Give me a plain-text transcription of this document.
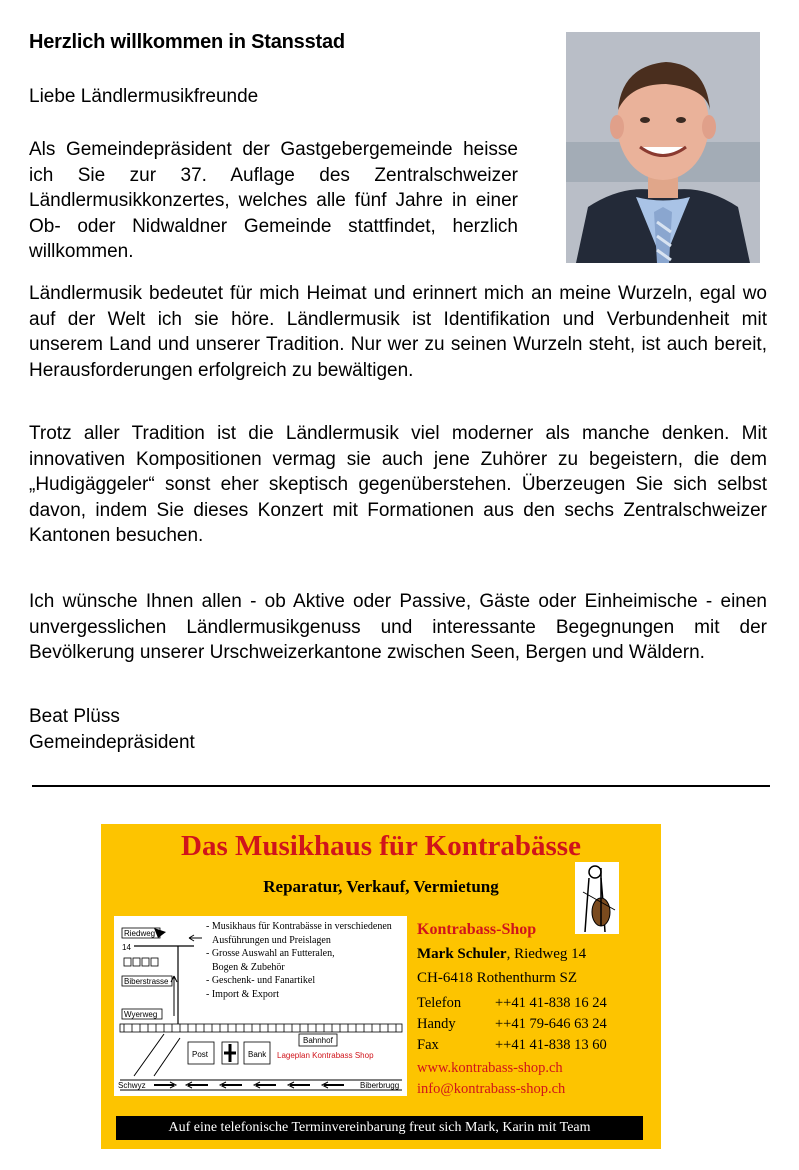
Herzlich willkommen in Stansstad

Liebe Ländlermusikfreunde

Als Gemeindepräsident der Gastgebergemeinde heisse ich Sie zur 37. Auflage des Zentralschweizer Ländlermusikkonzertes, welches alle fünf Jahre in einer Ob- oder Nidwaldner Gemeinde stattfindet, herzlich willkommen.

Ländlermusik bedeutet für mich Heimat und erinnert mich an meine Wurzeln, egal wo auf der Welt ich sie höre. Ländlermusik ist Identifikation und Verbundenheit mit unserem Land und unserer Tradition. Nur wer zu seinen Wurzeln steht, ist auch bereit, Herausforderungen erfolgreich zu bewältigen.

Trotz aller Tradition ist die Ländlermusik viel moderner als manche denken. Mit innovativen Kompositionen vermag sie auch jene Zuhörer zu begeistern, die dem „Hudigäggeler“ sonst eher skeptisch gegenüberstehen. Überzeugen Sie sich selbst davon, indem Sie dieses Konzert mit Formationen aus den sechs Zentralschweizer Kantonen besuchen.

Ich wünsche Ihnen allen - ob Aktive oder Passive, Gäste oder Einheimische - einen unvergesslichen Ländlermusikgenuss und interessante Begegnungen mit der Bevölkerung unserer Urschweizerkantone zwischen Seen, Bergen und Wäldern.

Beat Plüss
Gemeindepräsident
Das Musikhaus für Kontrabässe
Reparatur, Verkauf, Vermietung
Riedweg
14
Biberstrasse
Wyerweg
Bahnhof
Post	Bank Lageplan Kontrabass Shop
Schwyz	Biberbrugg
- Musikhaus für Kontrabässe in verschiedenen
Ausführungen und Preislagen
- Grosse Auswahl an Futteralen,
Bogen & Zubehör
- Geschenk- und Fanartikel
- Import & Export
Kontrabass-Shop
Mark Schuler, Riedweg 14
CH-6418 Rothenthurm SZ
Telefon ++41 41-838 16 24
Handy	++41 79-646 63 24
Fax	++41 41-838 13 60
www.kontrabass-shop.ch
info@kontrabass-shop.ch
Auf eine telefonische Terminvereinbarung freut sich Mark, Karin mit Team
